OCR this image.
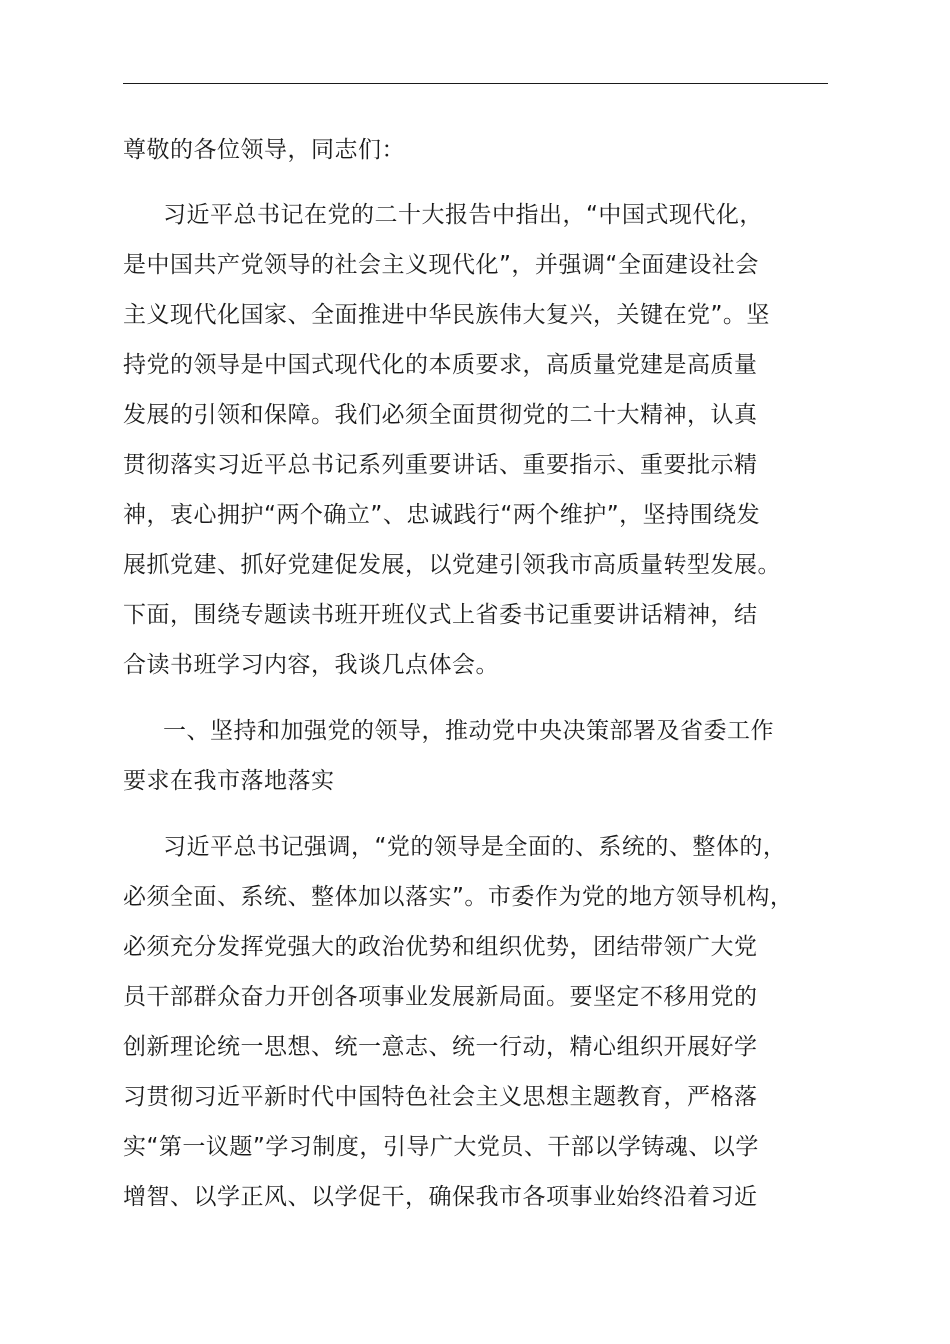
尊敬的各位领导，同志们：
习近平总书记在党的二十大报告中指出，“中国式现代化，
是中国共产党领导的社会主义现代化”，并强调“全面建设社会
主义现代化国家、全面推进中华民族伟大复兴，关键在党”。坚
持党的领导是中国式现代化的本质要求，高质量党建是高质量
发展的引领和保障。我们必须全面贯彻党的二十大精神，认真
贯彻落实习近平总书记系列重要讲话、重要指示、重要批示精
神，衷心拥护“两个确立”、忠诚践行“两个维护”，坚持围绕发
展抓党建、抓好党建促发展，以党建引领我市高质量转型发展。
下面，围绕专题读书班开班仪式上省委书记重要讲话精神，结
合读书班学习内容，我谈几点体会。
一、坚持和加强党的领导，推动党中央决策部署及省委工作
要求在我市落地落实
习近平总书记强调，“党的领导是全面的、系统的、整体的，
必须全面、系统、整体加以落实”。市委作为党的地方领导机构，
必须充分发挥党强大的政治优势和组织优势，团结带领广大党
员干部群众奋力开创各项事业发展新局面。要坚定不移用党的
创新理论统一思想、统一意志、统一行动，精心组织开展好学
习贯彻习近平新时代中国特色社会主义思想主题教育，严格落
实“第一议题”学习制度，引导广大党员、干部以学铸魂、以学
增智、以学正风、以学促干，确保我市各项事业始终沿着习近
